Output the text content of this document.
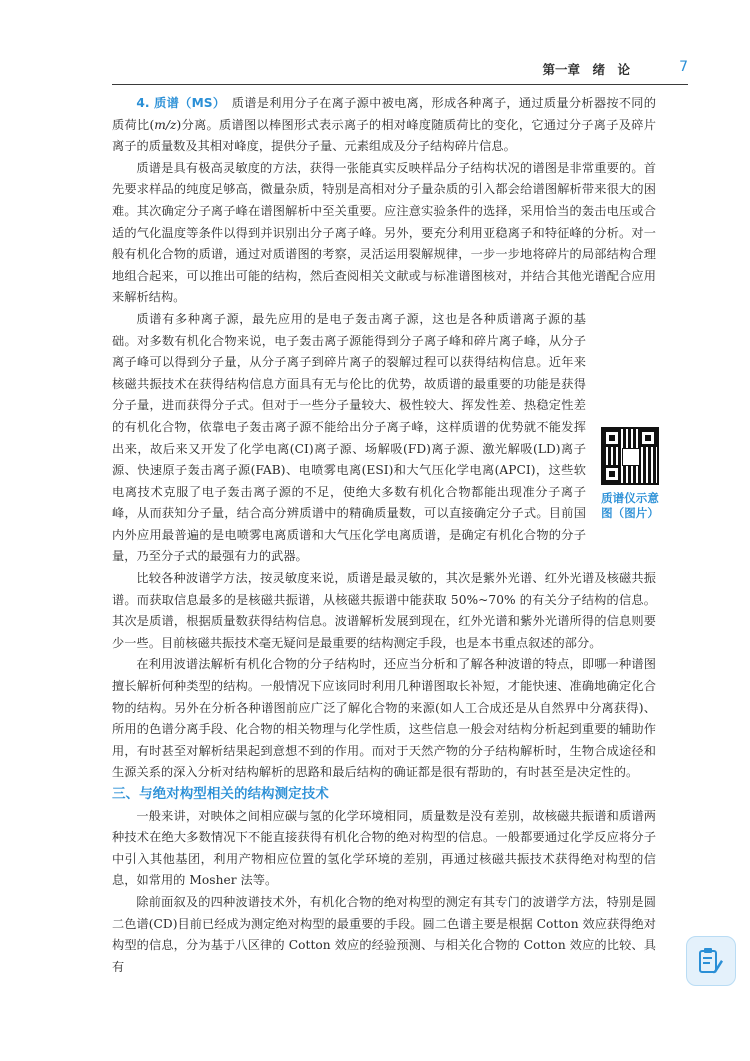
第一章　绪　论	7

4. 质谱（MS）　 质谱是利用分子在离子源中被电离，形成各种离子，通过质量分析器按不同的质荷比(m/z)分离。质谱图以棒图形式表示离子的相对峰度随质荷比的变化，它通过分子离子及碎片离子的质量数及其相对峰度，提供分子量、元素组成及分子结构碎片信息。

质谱是具有极高灵敏度的方法，获得一张能真实反映样品分子结构状况的谱图是非常重要的。首先要求样品的纯度足够高，微量杂质，特别是高相对分子量杂质的引入都会给谱图解析带来很大的困难。其次确定分子离子峰在谱图解析中至关重要。应注意实验条件的选择，采用恰当的轰击电压或合适的气化温度等条件以得到并识别出分子离子峰。另外，要充分利用亚稳离子和特征峰的分析。对一般有机化合物的质谱，通过对质谱图的考察，灵活运用裂解规律，一步一步地将碎片的局部结构合理地组合起来，可以推出可能的结构，然后查阅相关文献或与标准谱图核对，并结合其他光谱配合应用来解析结构。

质谱仪示意图（图片）

质谱有多种离子源，最先应用的是电子轰击离子源，这也是各种质谱离子源的基础。对多数有机化合物来说，电子轰击离子源能得到分子离子峰和碎片离子峰，从分子离子峰可以得到分子量，从分子离子到碎片离子的裂解过程可以获得结构信息。近年来核磁共振技术在获得结构信息方面具有无与伦比的优势，故质谱的最重要的功能是获得分子量，进而获得分子式。但对于一些分子量较大、极性较大、挥发性差、热稳定性差的有机化合物，依靠电子轰击离子源不能给出分子离子峰，这样质谱的优势就不能发挥出来，故后来又开发了化学电离(CI)离子源、场解吸(FD)离子源、激光解吸(LD)离子源、快速原子轰击离子源(FAB)、电喷雾电离(ESI)和大气压化学电离(APCI)，这些软电离技术克服了电子轰击离子源的不足，使绝大多数有机化合物都能出现准分子离子峰，从而获知分子量，结合高分辨质谱中的精确质量数，可以直接确定分子式。目前国内外应用最普遍的是电喷雾电离质谱和大气压化学电离质谱，是确定有机化合物的分子量，乃至分子式的最强有力的武器。

比较各种波谱学方法，按灵敏度来说，质谱是最灵敏的，其次是紫外光谱、红外光谱及核磁共振谱。而获取信息最多的是核磁共振谱，从核磁共振谱中能获取 50%~70% 的有关分子结构的信息。其次是质谱，根据质量数获得结构信息。波谱解析发展到现在，红外光谱和紫外光谱所得的信息则要少一些。目前核磁共振技术毫无疑问是最重要的结构测定手段，也是本书重点叙述的部分。

在利用波谱法解析有机化合物的分子结构时，还应当分析和了解各种波谱的特点，即哪一种谱图擅长解析何种类型的结构。一般情况下应该同时利用几种谱图取长补短，才能快速、准确地确定化合物的结构。另外在分析各种谱图前应广泛了解化合物的来源(如人工合成还是从自然界中分离获得)、所用的色谱分离手段、化合物的相关物理与化学性质，这些信息一般会对结构分析起到重要的辅助作用，有时甚至对解析结果起到意想不到的作用。而对于天然产物的分子结构解析时，生物合成途径和生源关系的深入分析对结构解析的思路和最后结构的确证都是很有帮助的，有时甚至是决定性的。

三、与绝对构型相关的结构测定技术

一般来讲，对映体之间相应碳与氢的化学环境相同，质量数是没有差别，故核磁共振谱和质谱两种技术在绝大多数情况下不能直接获得有机化合物的绝对构型的信息。一般都要通过化学反应将分子中引入其他基团，利用产物相应位置的氢化学环境的差别，再通过核磁共振技术获得绝对构型的信息，如常用的 Mosher 法等。

除前面叙及的四种波谱技术外，有机化合物的绝对构型的测定有其专门的波谱学方法，特别是圆二色谱(CD)目前已经成为测定绝对构型的最重要的手段。圆二色谱主要是根据 Cotton 效应获得绝对构型的信息，分为基于八区律的 Cotton 效应的经验预测、与相关化合物的 Cotton 效应的比较、具有
